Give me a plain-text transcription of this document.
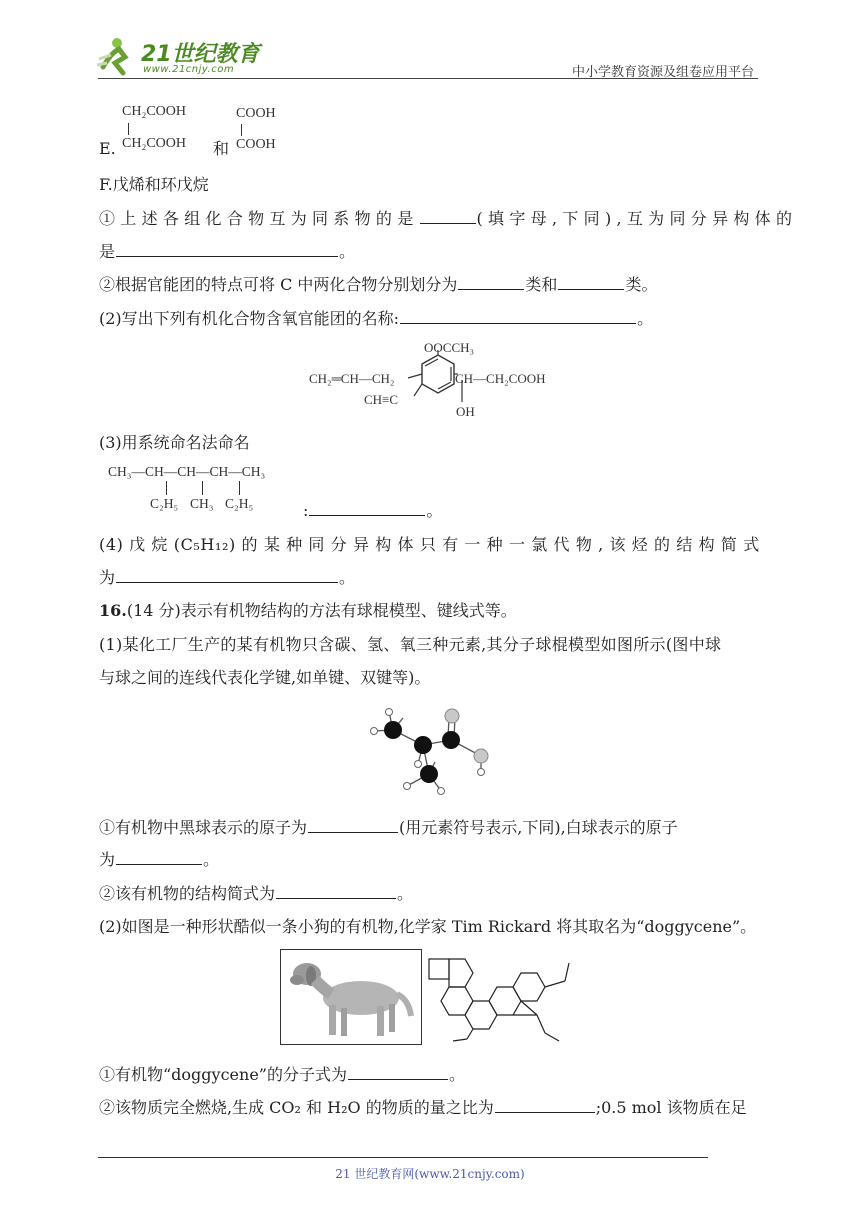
21世纪教育
www.21cnjy.com	中小学教育资源及组卷应用平台
E.
CH₂COOH
CH₂COOH 和
COOH
COOH
F.戊烯和环戊烷
①上述各组化合物互为同系物的是	(填字母,下同),互为同分异构体的
是	。
②根据官能团的特点可将 C 中两化合物分别划分为	类和	类。
(2)写出下列有机化合物含氧官能团的名称:	。
OOCCH₃
CH₂═CH—CH₂	CH—CH₂COOH
CH≡C
OH
(3)用系统命名法命名
CH₃—CH—CH—CH—CH₃
C₂H₅ CH₃ C₂H₅	:	。
(4) 戊 烷 (C₅H₁₂) 的 某 种 同 分 异 构 体 只 有 一 种 一 氯 代 物 , 该 烃 的 结 构 简 式
为	。
16.(14 分)表示有机物结构的方法有球棍模型、键线式等。
(1)某化工厂生产的某有机物只含碳、氢、氧三种元素,其分子球棍模型如图所示(图中球
与球之间的连线代表化学键,如单键、双键等)。
①有机物中黑球表示的原子为	(用元素符号表示,下同),白球表示的原子
为	。
②该有机物的结构简式为	。
(2)如图是一种形状酷似一条小狗的有机物,化学家 Tim Rickard 将其取名为“doggycene”。
①有机物“doggycene”的分子式为	。
②该物质完全燃烧,生成 CO₂ 和 H₂O 的物质的量之比为	;0.5 mol 该物质在足
21 世纪教育网(www.21cnjy.com)
